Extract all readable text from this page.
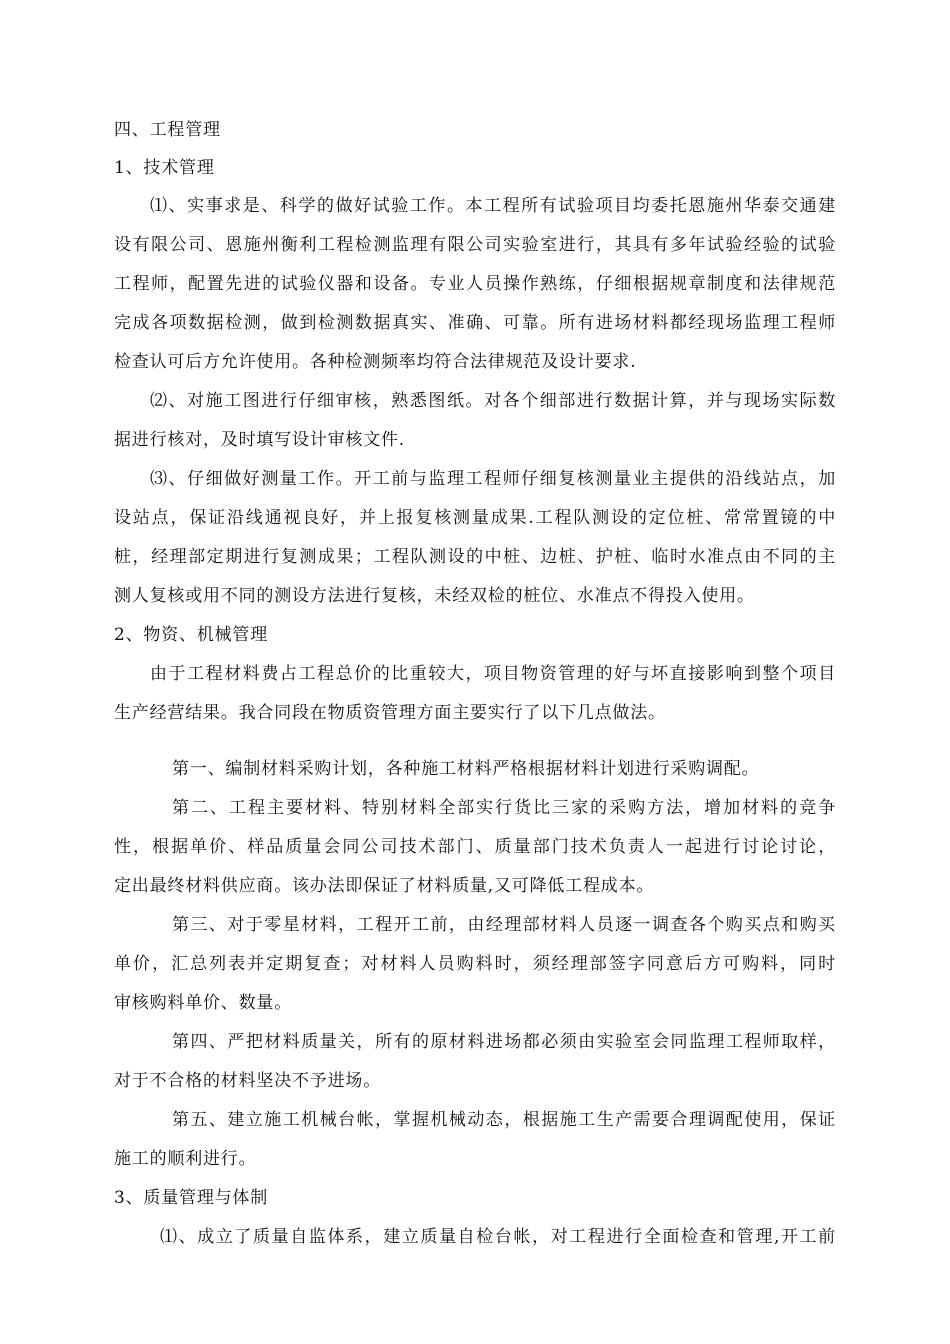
四、工程管理
1、技术管理
⑴、实事求是、科学的做好试验工作。本工程所有试验项目均委托恩施州华泰交通建
设有限公司、恩施州衡利工程检测监理有限公司实验室进行，其具有多年试验经验的试验
工程师，配置先进的试验仪器和设备。专业人员操作熟练，仔细根据规章制度和法律规范
完成各项数据检测，做到检测数据真实、准确、可靠。所有进场材料都经现场监理工程师
检查认可后方允许使用。各种检测频率均符合法律规范及设计要求.
⑵、对施工图进行仔细审核，熟悉图纸。对各个细部进行数据计算，并与现场实际数
据进行核对，及时填写设计审核文件.
⑶、仔细做好测量工作。开工前与监理工程师仔细复核测量业主提供的沿线站点，加
设站点，保证沿线通视良好，并上报复核测量成果.工程队测设的定位桩、常常置镜的中
桩，经理部定期进行复测成果；工程队测设的中桩、边桩、护桩、临时水准点由不同的主
测人复核或用不同的测设方法进行复核，未经双检的桩位、水准点不得投入使用。
2、物资、机械管理
由于工程材料费占工程总价的比重较大，项目物资管理的好与坏直接影响到整个项目
生产经营结果。我合同段在物质资管理方面主要实行了以下几点做法。
第一、编制材料采购计划，各种施工材料严格根据材料计划进行采购调配。
第二、工程主要材料、特别材料全部实行货比三家的采购方法，增加材料的竞争
性，根据单价、样品质量会同公司技术部门、质量部门技术负责人一起进行讨论讨论，
定出最终材料供应商。该办法即保证了材料质量,又可降低工程成本。
第三、对于零星材料，工程开工前，由经理部材料人员逐一调查各个购买点和购买
单价，汇总列表并定期复查；对材料人员购料时，须经理部签字同意后方可购料，同时
审核购料单价、数量。
第四、严把材料质量关，所有的原材料进场都必须由实验室会同监理工程师取样，
对于不合格的材料坚决不予进场。
第五、建立施工机械台帐，掌握机械动态，根据施工生产需要合理调配使用，保证
施工的顺利进行。
3、质量管理与体制
⑴、成立了质量自监体系，建立质量自检台帐，对工程进行全面检查和管理,开工前
